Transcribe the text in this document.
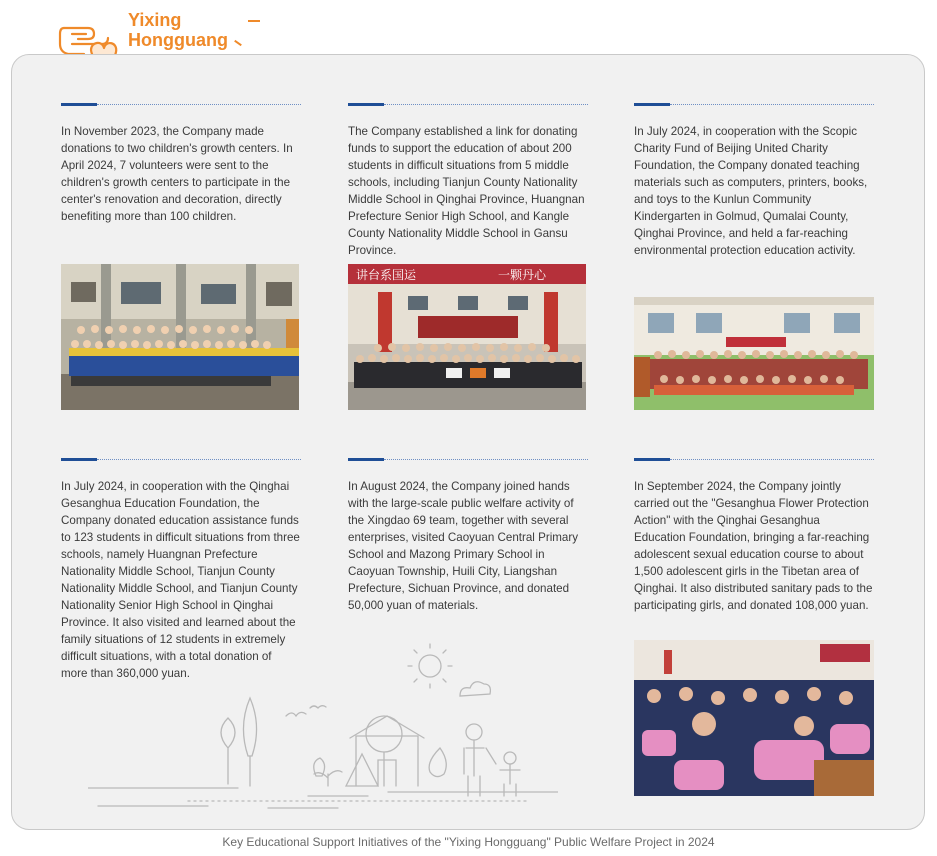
Yixing
Hongguang

In November 2023, the Company made donations to two children's growth centers. In April 2024, 7 volunteers were sent to the children's growth centers to participate in the center's renovation and decoration, directly benefiting more than 100 children.

The Company established a link for donating funds to support the education of about 200 students in difficult situations from 5 middle schools, including Tianjun County Nationality Middle School in Qinghai Province, Huangnan Prefecture Senior High School, and Kangle County Nationality Middle School in Gansu Province.

In July 2024, in cooperation with the Scopic Charity Fund of Beijing United Charity Foundation, the Company donated teaching materials such as computers, printers, books, and toys to the Kunlun Community Kindergarten in Golmud, Qumalai County, Qinghai Province, and held a far-reaching environmental protection education activity.

讲台系国运	一颗丹心

In July 2024, in cooperation with the Qinghai Gesanghua Education Foundation, the Company donated education assistance funds to 123 students in difficult situations from three schools, namely Huangnan Prefecture Nationality Middle School, Tianjun County Nationality Middle School, and Tianjun County Nationality Senior High School in Qinghai Province. It also visited and learned about the family situations of 12 students in extremely difficult situations, with a total donation of more than 360,000 yuan.

In August 2024, the Company joined hands with the large-scale public welfare activity of the Xingdao 69 team, together with several enterprises, visited Caoyuan Central Primary School and Mazong Primary School in Caoyuan Township, Huili City, Liangshan Prefecture, Sichuan Province, and donated 50,000 yuan of materials.

In September 2024, the Company jointly carried out the "Gesanghua Flower Protection Action" with the Qinghai Gesanghua Education Foundation, bringing a far-reaching adolescent sexual education course to about 1,500 adolescent girls in the Tibetan area of Qinghai. It also distributed sanitary pads to the participating girls, and donated 108,000 yuan.

Key Educational Support Initiatives of the "Yixing Hongguang" Public Welfare Project in 2024
